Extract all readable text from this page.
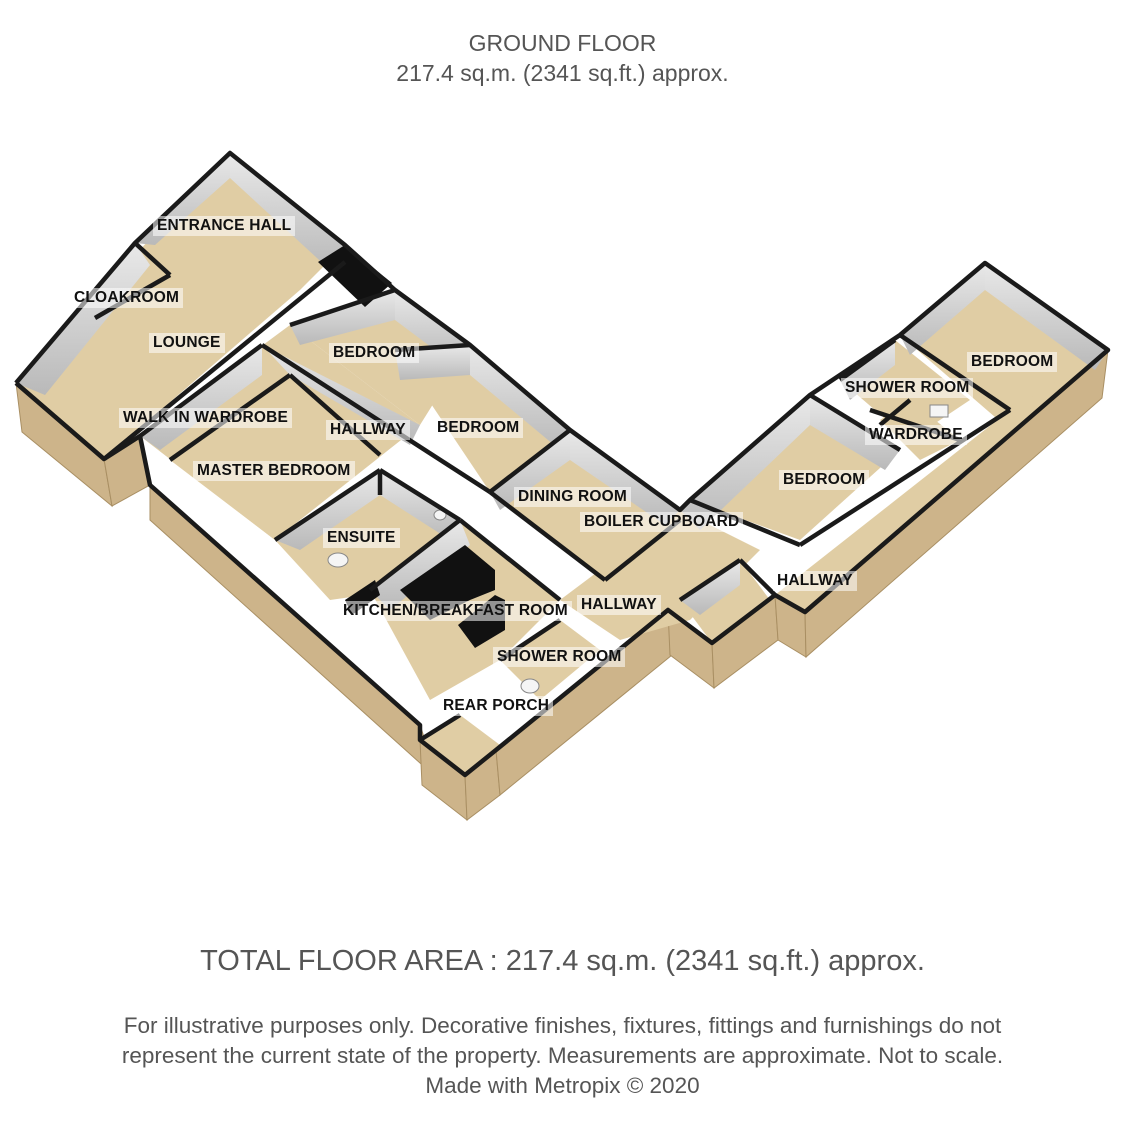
GROUND FLOOR
217.4 sq.m. (2341 sq.ft.) approx.
ENTRANCE HALL
CLOAKROOM
LOUNGE
WALK IN WARDROBE
MASTER BEDROOM
BEDROOM
HALLWAY BEDROOM
ENSUITE
DINING ROOM
BOILER CUPBOARD
KITCHEN/BREAKFAST ROOM HALLWAY
SHOWER ROOM
REAR PORCH
BEDROOM
SHOWER ROOM
WARDROBE
BEDROOM
HALLWAY
TOTAL FLOOR AREA : 217.4 sq.m. (2341 sq.ft.) approx.
For illustrative purposes only. Decorative finishes, fixtures, fittings and furnishings do not
represent the current state of the property. Measurements are approximate. Not to scale.
Made with Metropix © 2020
